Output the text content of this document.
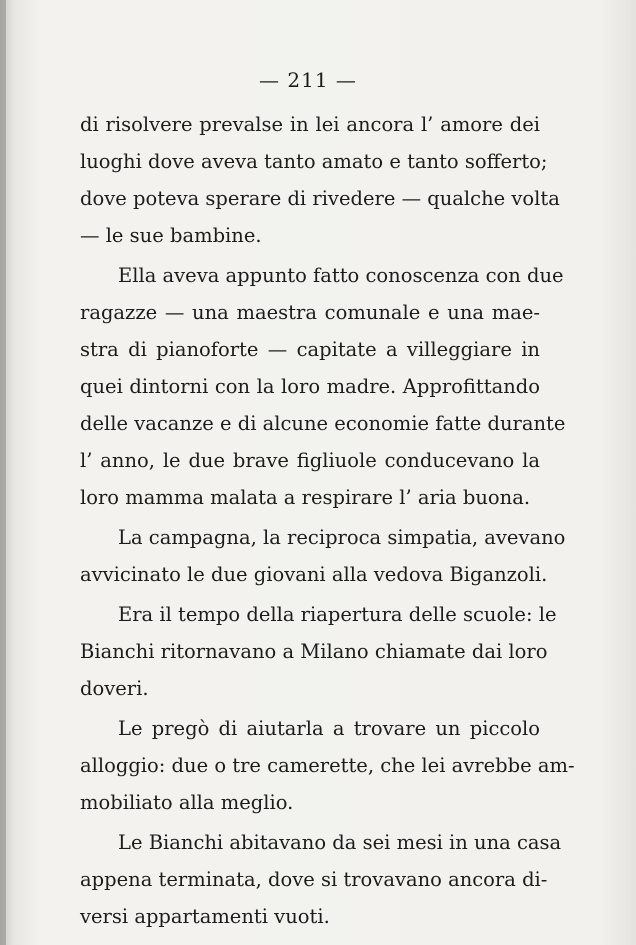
— 211 —
di risolvere prevalse in lei ancora l’ amore dei
luoghi dove aveva tanto amato e tanto sofferto;
dove poteva sperare di rivedere — qualche volta
— le sue bambine.
Ella aveva appunto fatto conoscenza con due
ragazze — una maestra comunale e una mae-
stra di pianoforte — capitate a villeggiare in
quei dintorni con la loro madre. Approfittando
delle vacanze e di alcune economie fatte durante
l’ anno, le due brave figliuole conducevano la
loro mamma malata a respirare l’ aria buona.
La campagna, la reciproca simpatia, avevano
avvicinato le due giovani alla vedova Biganzoli.
Era il tempo della riapertura delle scuole: le
Bianchi ritornavano a Milano chiamate dai loro
doveri.
Le pregò di aiutarla a trovare un piccolo
alloggio: due o tre camerette, che lei avrebbe am-
mobiliato alla meglio.
Le Bianchi abitavano da sei mesi in una casa
appena terminata, dove si trovavano ancora di-
versi appartamenti vuoti.
